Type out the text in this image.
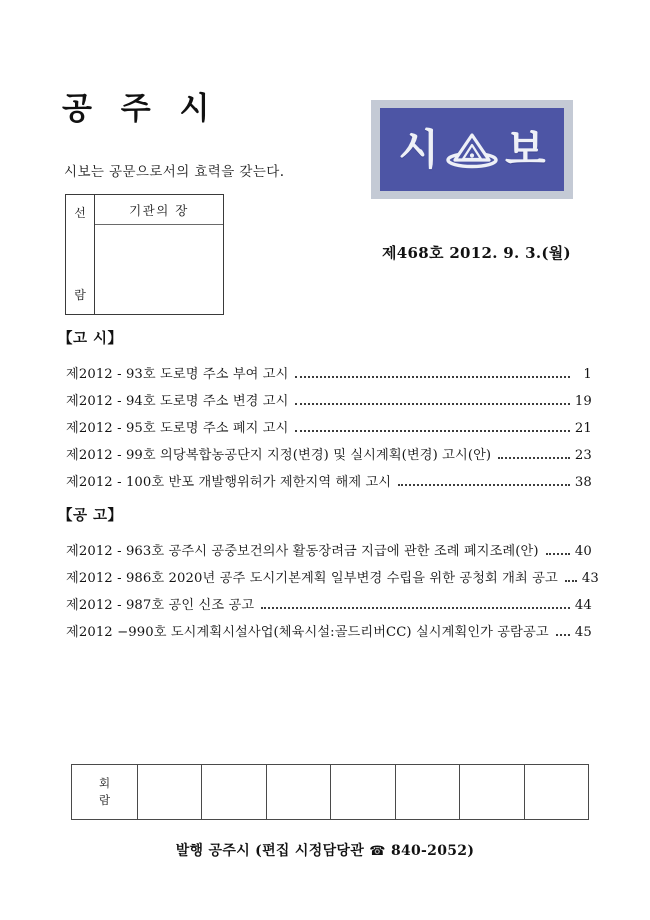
공 주 시
시보는 공문으로서의 효력을 갖는다.
선
람
기관의 장
시 보
제468호 2012. 9. 3.(월)
【고 시】
제2012 - 93호 도로명 주소 부여 고시	1
제2012 - 94호 도로명 주소 변경 고시	19
제2012 - 95호 도로명 주소 폐지 고시	21
제2012 - 99호 의당복합농공단지 지정(변경) 및 실시계획(변경) 고시(안)	23
제2012 - 100호 반포 개발행위허가 제한지역 해제 고시	38
【공 고】
제2012 - 963호 공주시 공중보건의사 활동장려금 지급에 관한 조례 폐지조례(안)	40
제2012 - 986호 2020년 공주 도시기본계획 일부변경 수립을 위한 공청회 개최 공고 43
제2012 - 987호 공인 신조 공고	44
제2012 −990호 도시계획시설사업(체육시설:골드리버CC) 실시계획인가 공람공고 45
회
람
발행 공주시 (편집 시정담당관 ☎ 840-2052)
